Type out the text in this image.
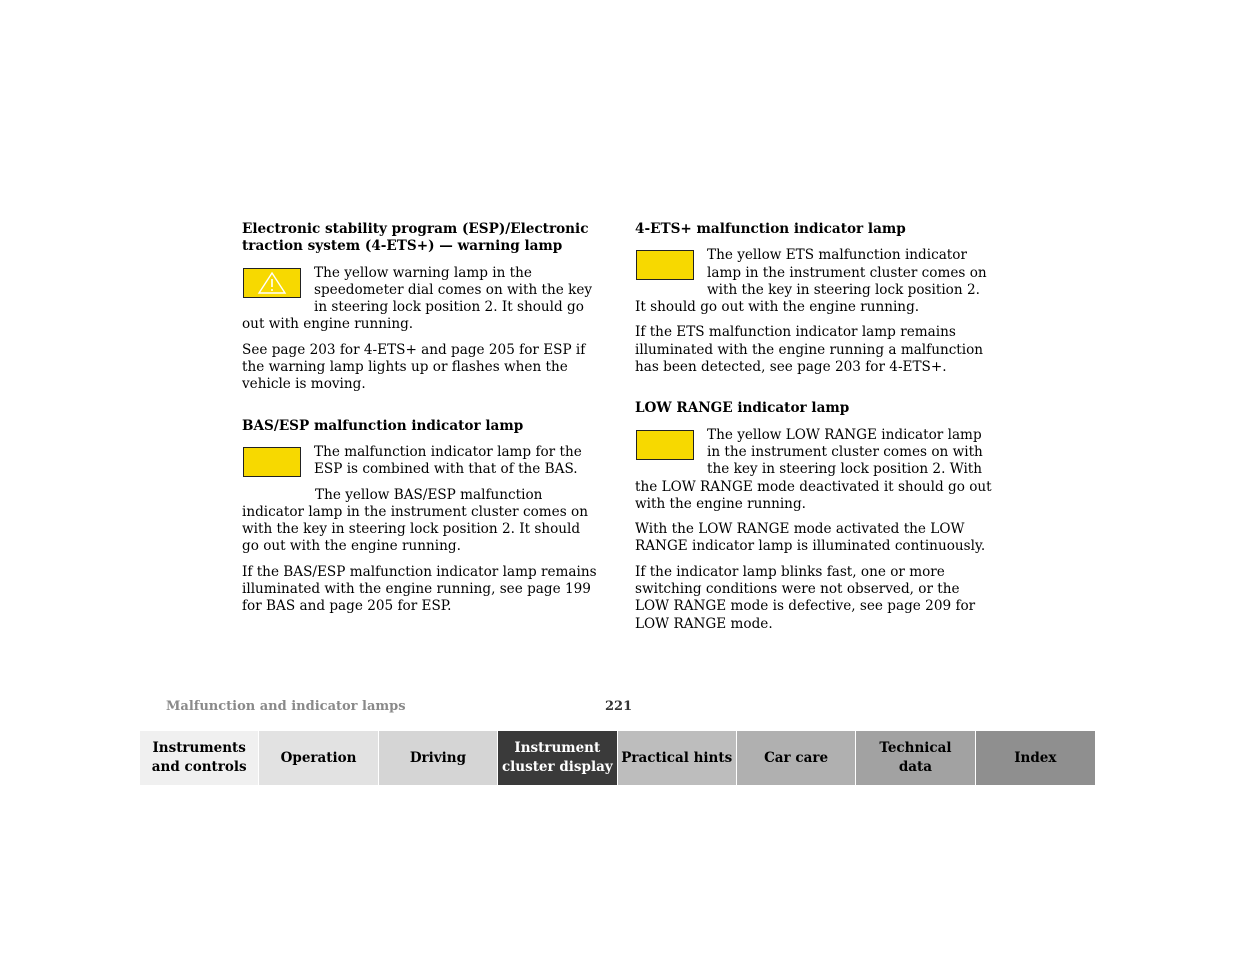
Electronic stability program (ESP)/Electronic traction system (4-ETS+) — warning lamp

The yellow warning lamp in the speedometer dial comes on with the key in steering lock position 2. It should go out with engine running.

See page 203 for 4-ETS+ and page 205 for ESP if the warning lamp lights up or flashes when the vehicle is moving.

BAS/ESP malfunction indicator lamp

The malfunction indicator lamp for the ESP is combined with that of the BAS.

The yellow BAS/ESP malfunction indicator lamp in the instrument cluster comes on with the key in steering lock position 2. It should go out with the engine running.

If the BAS/ESP malfunction indicator lamp remains illuminated with the engine running, see page 199 for BAS and page 205 for ESP.

4-ETS+ malfunction indicator lamp

The yellow ETS malfunction indicator lamp in the instrument cluster comes on with the key in steering lock position 2. It should go out with the engine running.

If the ETS malfunction indicator lamp remains illuminated with the engine running a malfunction has been detected, see page 203 for 4-ETS+.

LOW RANGE indicator lamp

The yellow LOW RANGE indicator lamp in the instrument cluster comes on with the key in steering lock position 2. With the LOW RANGE mode deactivated it should go out with the engine running.

With the LOW RANGE mode activated the LOW RANGE indicator lamp is illuminated continuously.

If the indicator lamp blinks fast, one or more switching conditions were not observed, or the LOW RANGE mode is defective, see page 209 for LOW RANGE mode.

Malfunction and indicator lamps	221
Instruments
and controls
Operation	Driving
Instrument
cluster display
Practical hints	Car care
Technical
data
Index
